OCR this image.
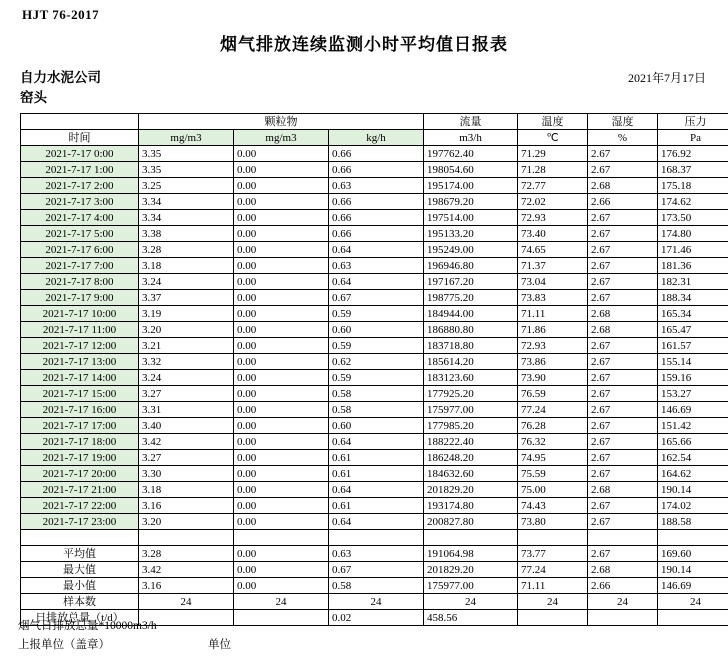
HJT 76-2017
烟气排放连续监测小时平均值日报表
自力水泥公司
窑头
2021年7月17日
	颗粒物			流量	温度	湿度	压力
时间	mg/m3	mg/m3	kg/h	m3/h	℃	%	Pa
2021-7-17 0:00	3.35	0.00	0.66	197762.40	71.29	2.67	176.92
2021-7-17 1:00	3.35	0.00	0.66	198054.60	71.28	2.67	168.37
2021-7-17 2:00	3.25	0.00	0.63	195174.00	72.77	2.68	175.18
2021-7-17 3:00	3.34	0.00	0.66	198679.20	72.02	2.66	174.62
2021-7-17 4:00	3.34	0.00	0.66	197514.00	72.93	2.67	173.50
2021-7-17 5:00	3.38	0.00	0.66	195133.20	73.40	2.67	174.80
2021-7-17 6:00	3.28	0.00	0.64	195249.00	74.65	2.67	171.46
2021-7-17 7:00	3.18	0.00	0.63	196946.80	71.37	2.67	181.36
2021-7-17 8:00	3.24	0.00	0.64	197167.20	73.04	2.67	182.31
2021-7-17 9:00	3.37	0.00	0.67	198775.20	73.83	2.67	188.34
2021-7-17 10:00	3.19	0.00	0.59	184944.00	71.11	2.68	165.34
2021-7-17 11:00	3.20	0.00	0.60	186880.80	71.86	2.68	165.47
2021-7-17 12:00	3.21	0.00	0.59	183718.80	72.93	2.67	161.57
2021-7-17 13:00	3.32	0.00	0.62	185614.20	73.86	2.67	155.14
2021-7-17 14:00	3.24	0.00	0.59	183123.60	73.90	2.67	159.16
2021-7-17 15:00	3.27	0.00	0.58	177925.20	76.59	2.67	153.27
2021-7-17 16:00	3.31	0.00	0.58	175977.00	77.24	2.67	146.69
2021-7-17 17:00	3.40	0.00	0.60	177985.20	76.28	2.67	151.42
2021-7-17 18:00	3.42	0.00	0.64	188222.40	76.32	2.67	165.66
2021-7-17 19:00	3.27	0.00	0.61	186248.20	74.95	2.67	162.54
2021-7-17 20:00	3.30	0.00	0.61	184632.60	75.59	2.67	164.62
2021-7-17 21:00	3.18	0.00	0.64	201829.20	75.00	2.68	190.14
2021-7-17 22:00	3.16	0.00	0.61	193174.80	74.43	2.67	174.02
2021-7-17 23:00	3.20	0.00	0.64	200827.80	73.80	2.67	188.58

平均值	3.28	0.00	0.63	191064.98	73.77	2.67	169.60
最大值	3.42	0.00	0.67	201829.20	77.24	2.68	190.14
最小值	3.16	0.00	0.58	175977.00	71.11	2.66	146.69
样本数	24	24	24	24	24	24	24
日排放总量（t/d）			0.02	458.56			
烟气日排放总量*10000m3/h
上报单位（盖章）	单位
